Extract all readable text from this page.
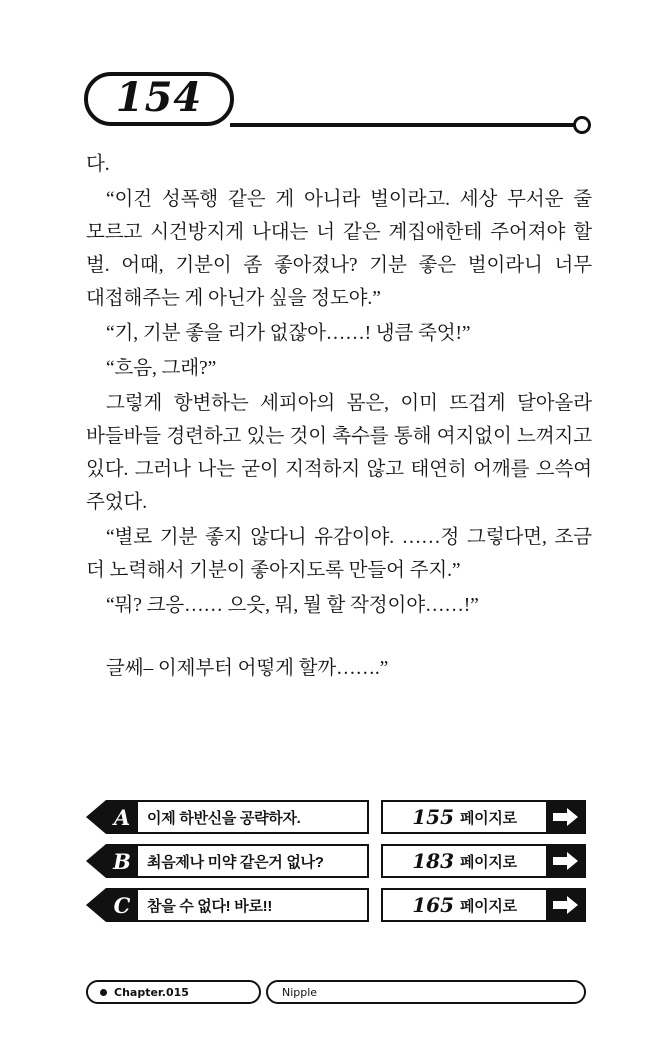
154

다.

“이건 성폭행 같은 게 아니라 벌이라고. 세상 무서운 줄 모르고 시건방지게 나대는 너 같은 계집애한테 주어져야 할 벌. 어때, 기분이 좀 좋아졌나? 기분 좋은 벌이라니 너무 대접해주는 게 아닌가 싶을 정도야.”

“기, 기분 좋을 리가 없잖아……! 냉큼 죽엇!”

“흐음, 그래?”

그렇게 항변하는 세피아의 몸은, 이미 뜨겁게 달아올라 바들바들 경련하고 있는 것이 촉수를 통해 여지없이 느껴지고 있다. 그러나 나는 굳이 지적하지 않고 태연히 어깨를 으쓱여 주었다.

“별로 기분 좋지 않다니 유감이야. ……정 그렇다면, 조금 더 노력해서 기분이 좋아지도록 만들어 주지.”

“뭐? 크응…… 으읏, 뭐, 뭘 할 작정이야……!”

글쎄– 이제부터 어떻게 할까…….”

A	이제 하반신을 공략하자.	155 페이지로
B	최음제나 미약 같은거 없나?	183 페이지로
C	참을 수 없다! 바로!!	165 페이지로
Chapter.015	Nipple
